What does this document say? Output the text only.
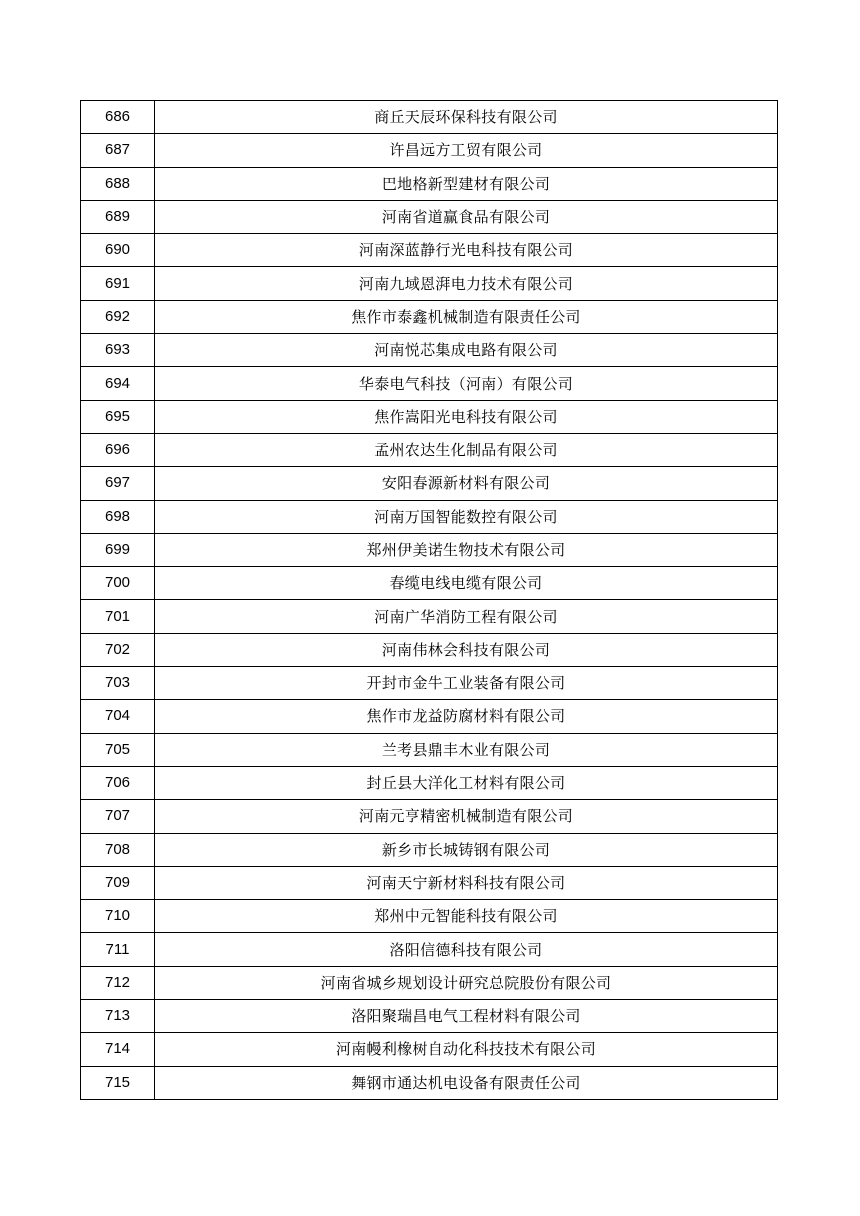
686	商丘天辰环保科技有限公司
687	许昌远方工贸有限公司
688	巴地格新型建材有限公司
689	河南省道赢食品有限公司
690	河南深蓝静行光电科技有限公司
691	河南九域恩湃电力技术有限公司
692	焦作市泰鑫机械制造有限责任公司
693	河南悦芯集成电路有限公司
694	华泰电气科技（河南）有限公司
695	焦作嵩阳光电科技有限公司
696	孟州农达生化制品有限公司
697	安阳春源新材料有限公司
698	河南万国智能数控有限公司
699	郑州伊美诺生物技术有限公司
700	春缆电线电缆有限公司
701	河南广华消防工程有限公司
702	河南伟林会科技有限公司
703	开封市金牛工业装备有限公司
704	焦作市龙益防腐材料有限公司
705	兰考县鼎丰木业有限公司
706	封丘县大洋化工材料有限公司
707	河南元亨精密机械制造有限公司
708	新乡市长城铸钢有限公司
709	河南天宁新材料科技有限公司
710	郑州中元智能科技有限公司
711	洛阳信德科技有限公司
712	河南省城乡规划设计研究总院股份有限公司
713	洛阳聚瑞昌电气工程材料有限公司
714	河南幔利橡树自动化科技技术有限公司
715	舞钢市通达机电设备有限责任公司
